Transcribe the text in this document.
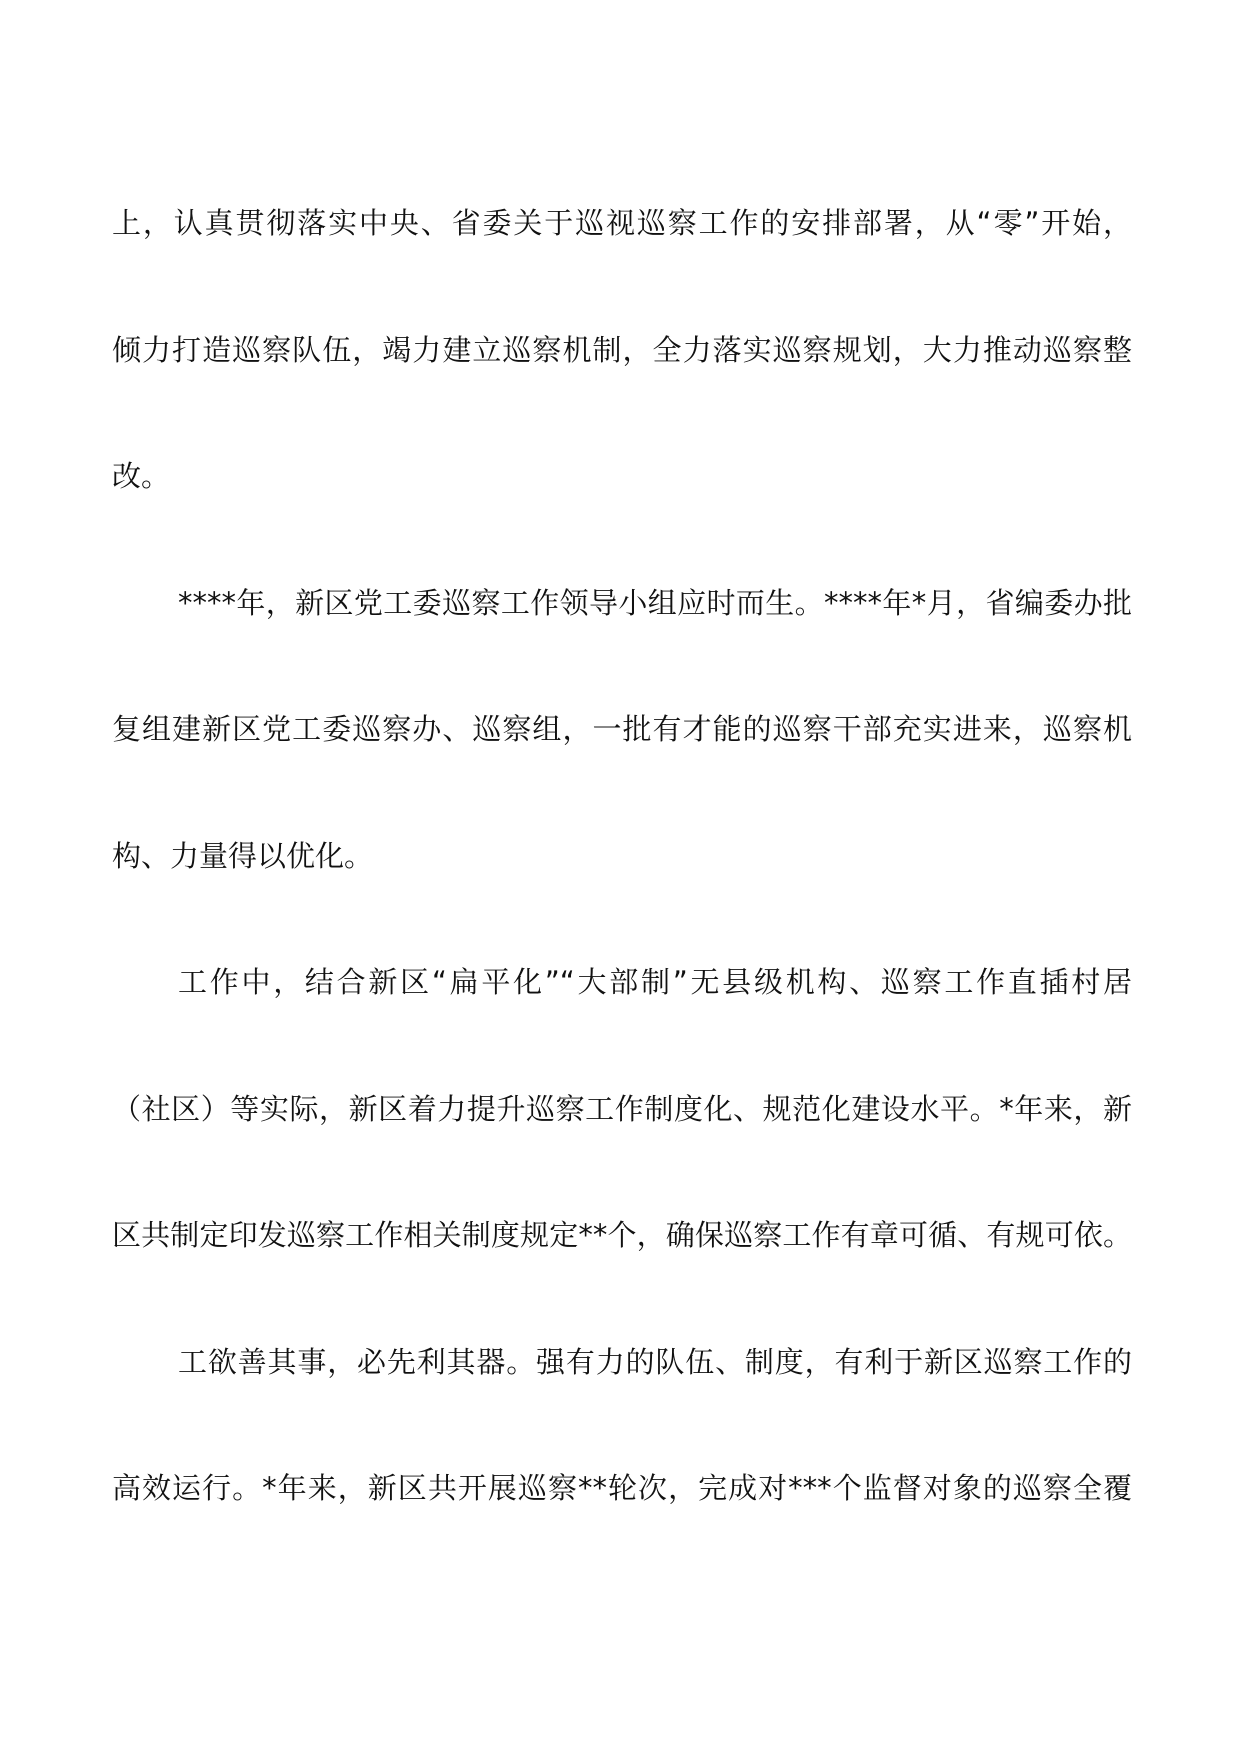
上，认真贯彻落实中央、省委关于巡视巡察工作的安排部署，从“零”开始，
倾力打造巡察队伍，竭力建立巡察机制，全力落实巡察规划，大力推动巡察整
改。

****年，新区党工委巡察工作领导小组应时而生。****年*月，省编委办批
复组建新区党工委巡察办、巡察组，一批有才能的巡察干部充实进来，巡察机
构、力量得以优化。

工作中，结合新区“扁平化”“大部制”无县级机构、巡察工作直插村居
（社区）等实际，新区着力提升巡察工作制度化、规范化建设水平。*年来，新
区共制定印发巡察工作相关制度规定**个，确保巡察工作有章可循、有规可依。

工欲善其事，必先利其器。强有力的队伍、制度，有利于新区巡察工作的
高效运行。*年来，新区共开展巡察**轮次，完成对***个监督对象的巡察全覆
